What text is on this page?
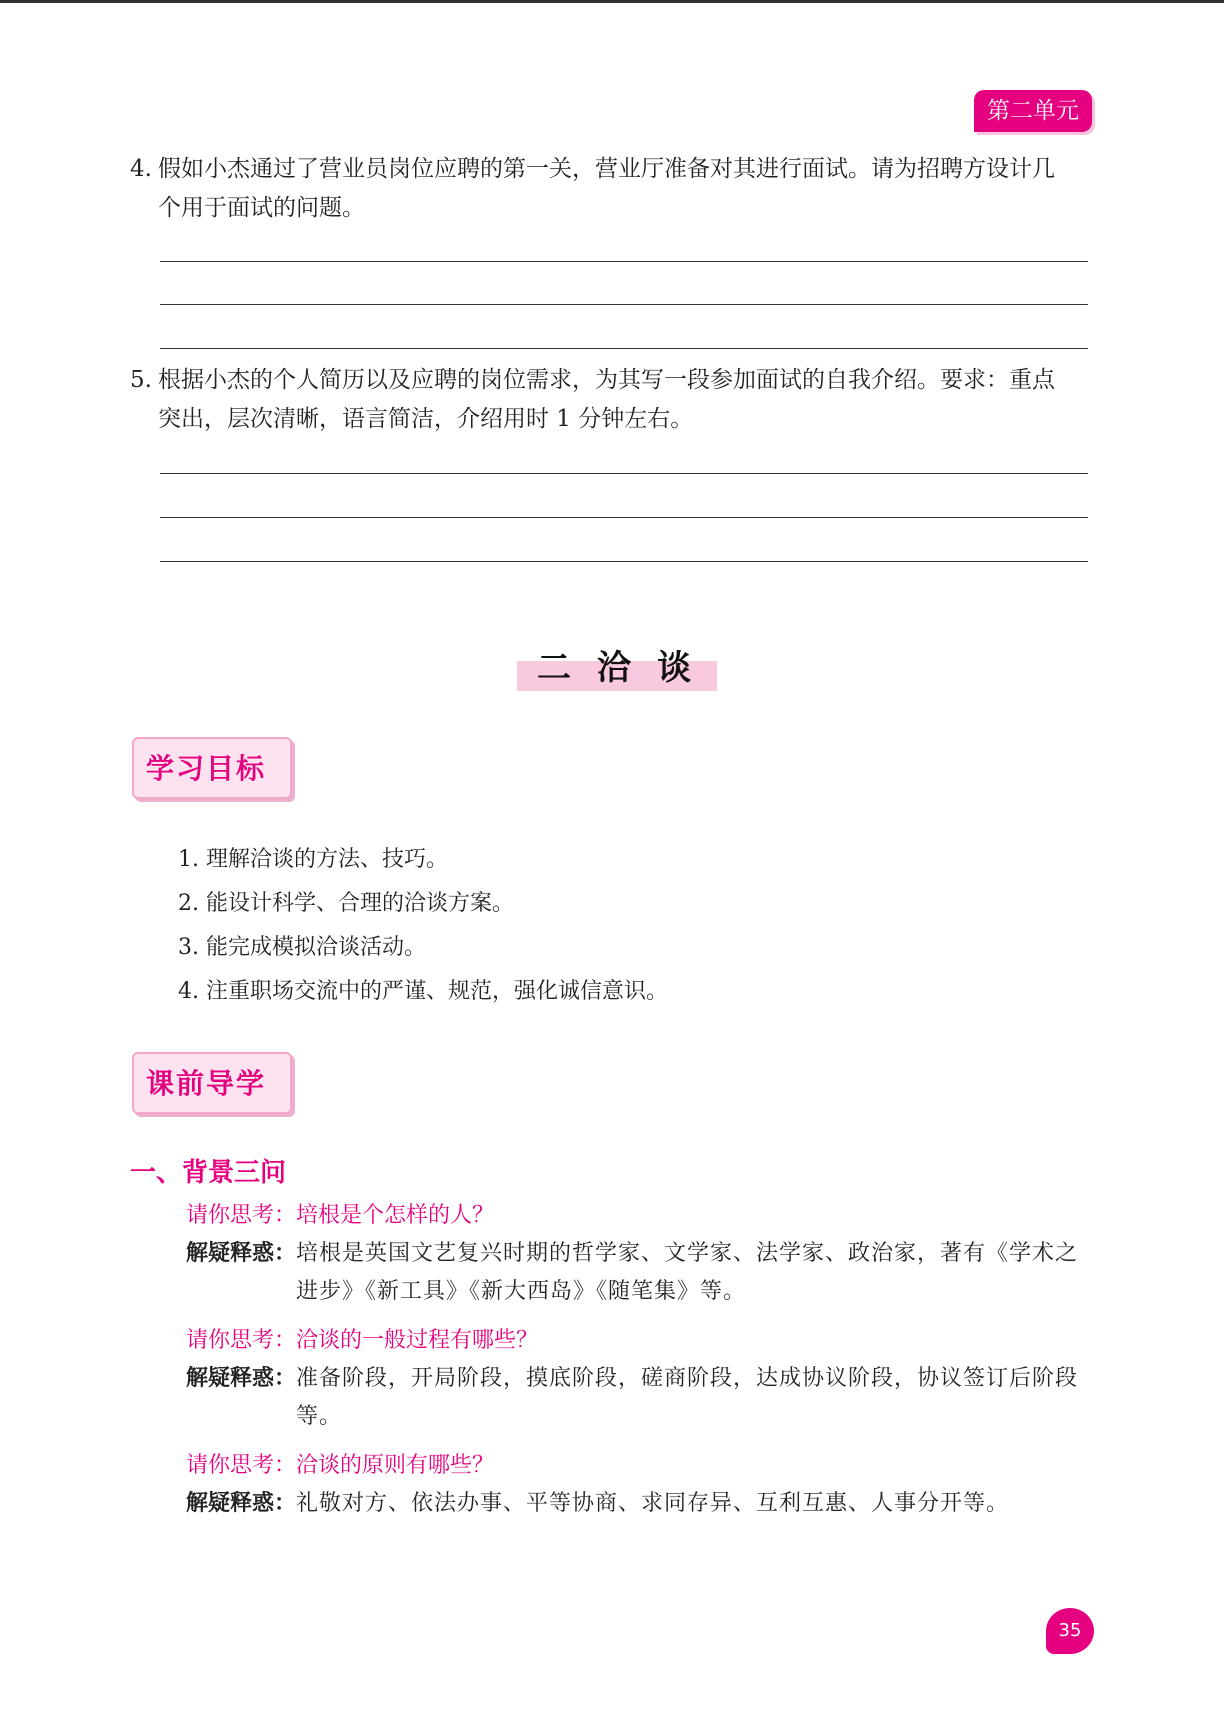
第二单元
4. 假如小杰通过了营业员岗位应聘的第一关，营业厅准备对其进行面试。请为招聘方设计几
个用于面试的问题。
5. 根据小杰的个人简历以及应聘的岗位需求，为其写一段参加面试的自我介绍。要求：重点
突出，层次清晰，语言简洁，介绍用时 1 分钟左右。
二 洽 谈
学习目标
1. 理解洽谈的方法、技巧。
2. 能设计科学、合理的洽谈方案。
3. 能完成模拟洽谈活动。
4. 注重职场交流中的严谨、规范，强化诚信意识。
课前导学
一、背景三问
请你思考：培根是个怎样的人？
解疑释惑： 培根是英国文艺复兴时期的哲学家、文学家、法学家、政治家，著有《学术之进步》《新工具》《新大西岛》《随笔集》等。
请你思考：洽谈的一般过程有哪些？
解疑释惑： 准备阶段，开局阶段，摸底阶段，磋商阶段，达成协议阶段，协议签订后阶段等。
请你思考：洽谈的原则有哪些？
解疑释惑： 礼敬对方、依法办事、平等协商、求同存异、互利互惠、人事分开等。
35
